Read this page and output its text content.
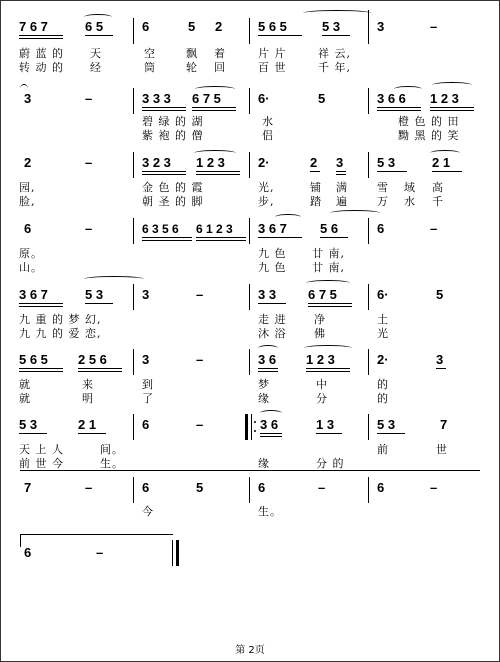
7 6 7	6 5	6	5 2	5 6 5	5 3	3	–
蔚 蓝 的 天	空	飘 着	片 片	祥 云,
转 动 的 经	筒	轮 回	百 世	千 年,
3	–	3 3 3 6 7 5	6·	5	3 6 6 1 2 3
碧 绿 的 湖	水	橙 色 的 田
紫 袍 的 僧	侣	黝 黑 的 笑
2	–	3 2 3 1 2 3	2·	2 3	5 3	2 1
园,	金 色 的 霞	光,	铺 满	雪 域 高
脸,	朝 圣 的 脚	步,	踏 遍	万 水 千
6	–	6 3 5 6 6 1 2 3 3 6 7	5 6	6	–
原。	九 色 廿 南,
山。	九 色 廿 南,
3 6 7	5 3	3	–	3 3 6 7 5	6·	5
九 重 的 梦 幻,	走 进	净	土
九 九 的 爱 恋,	沐 浴	佛	光
5 6 5 2 5 6	3	–	3 6 1 2 3	2·	3
就	来	到	梦	中	的
就	明	了	缘	分	的
5 3	2 1	6	–	3 6	1 3	5 3	7
天 上 人	间。	前	世
前 世 今	生。	缘	分 的
7	–	6	5	6	–	6	–
今	生。
6	–
第 2页
